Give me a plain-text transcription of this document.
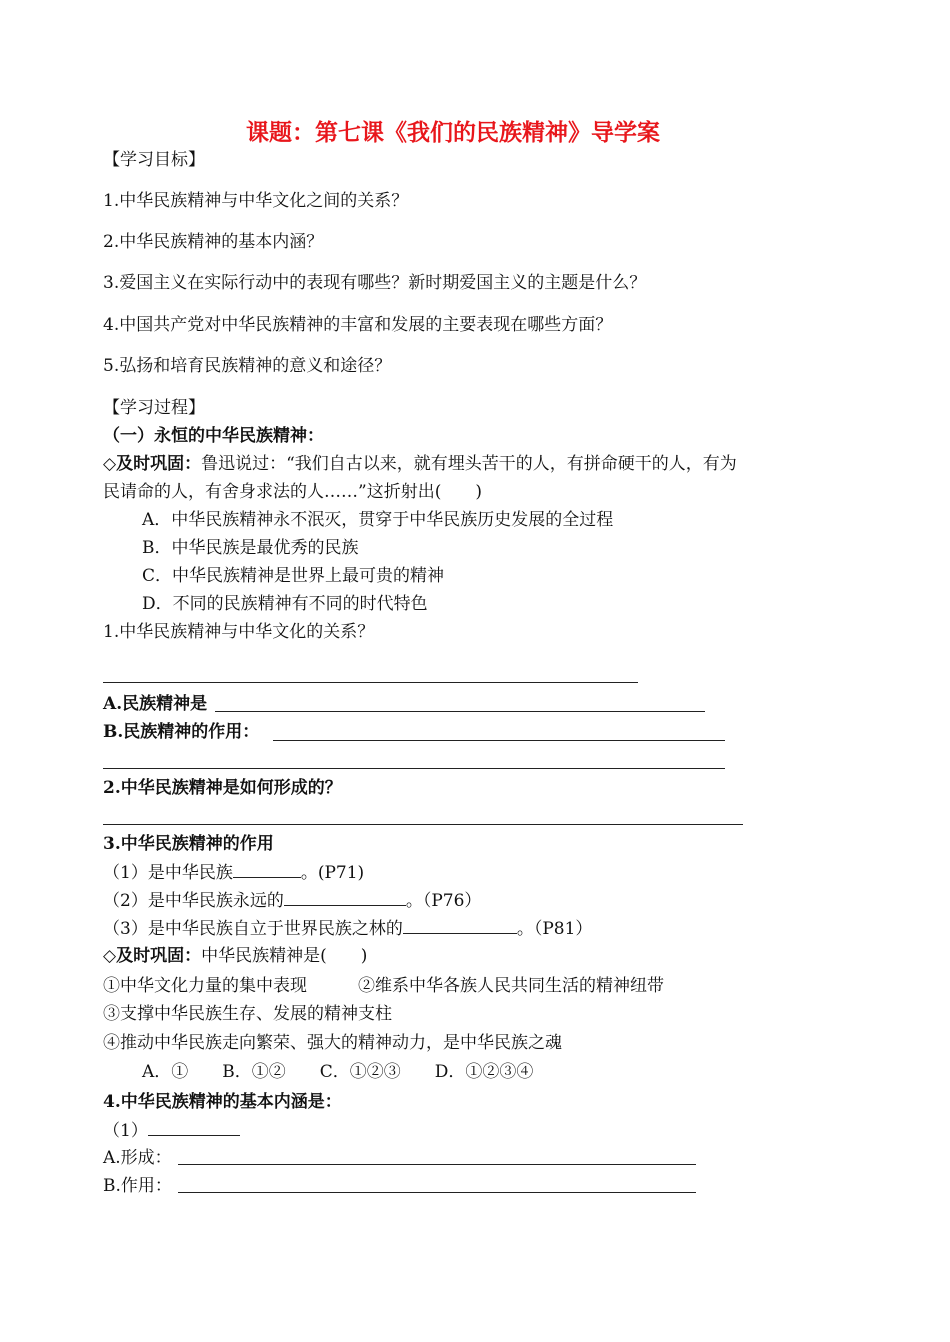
课题：第七课《我们的民族精神》导学案
【学习目标】
1.中华民族精神与中华文化之间的关系？
2.中华民族精神的基本内涵？
3.爱国主义在实际行动中的表现有哪些？新时期爱国主义的主题是什么？
4.中国共产党对中华民族精神的丰富和发展的主要表现在哪些方面？
5.弘扬和培育民族精神的意义和途径？
【学习过程】
（一）永恒的中华民族精神：
◇及时巩固：鲁迅说过：“我们自古以来，就有埋头苦干的人，有拼命硬干的人，有为
民请命的人，有舍身求法的人……”这折射出(　　)
A．中华民族精神永不泯灭，贯穿于中华民族历史发展的全过程
B．中华民族是最优秀的民族
C．中华民族精神是世界上最可贵的精神
D．不同的民族精神有不同的时代特色
1.中华民族精神与中华文化的关系？
A.民族精神是
B.民族精神的作用：
2.中华民族精神是如何形成的？
3.中华民族精神的作用
（1）是中华民族	。(P71)
（2）是中华民族永远的	。（P76）
（3）是中华民族自立于世界民族之林的	。（P81）
◇及时巩固：中华民族精神是(　　)
①中华文化力量的集中表现　　　②维系中华各族人民共同生活的精神纽带
③支撑中华民族生存、发展的精神支柱
④推动中华民族走向繁荣、强大的精神动力，是中华民族之魂
A．①　　B．①②　　C．①②③　　D．①②③④
4.中华民族精神的基本内涵是：
（1）
A.形成：
B.作用：
